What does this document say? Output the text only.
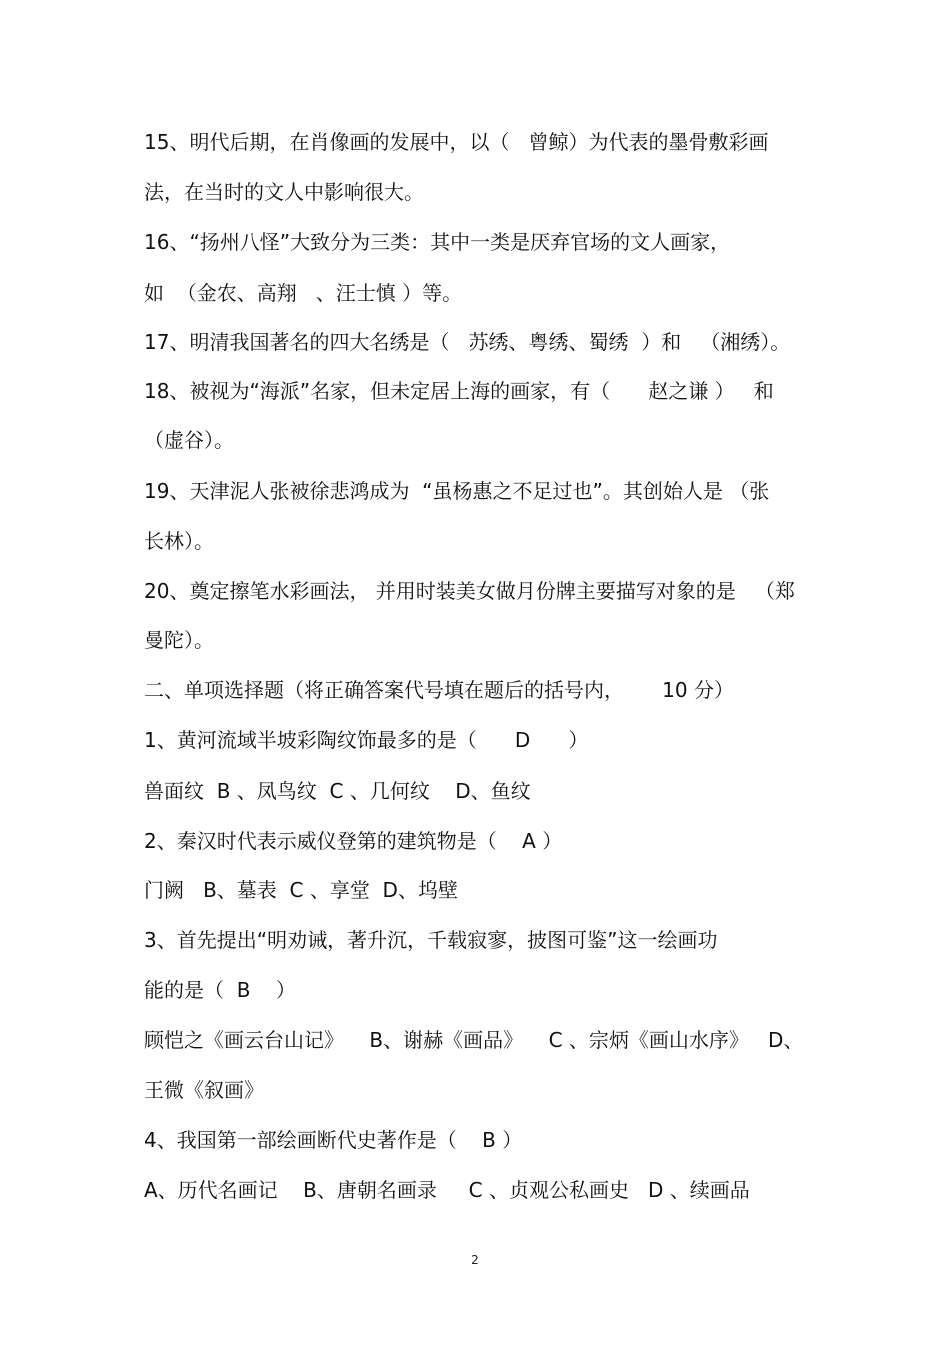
15、明代后期，在肖像画的发展中，以（   曾鲸）为代表的墨骨敷彩画
法，在当时的文人中影响很大。
16、“扬州八怪”大致分为三类：其中一类是厌弃官场的文人画家，
如  （金农、高翔   、汪士慎 ）等。
17、明清我国著名的四大名绣是（   苏绣、粤绣、蜀绣  ）和   （湘绣）。
18、被视为“海派”名家，但未定居上海的画家，有（      赵之谦 ）   和
（虚谷）。
19、天津泥人张被徐悲鸿成为  “虽杨惠之不足过也”。其创始人是 （张
长林）。
20、奠定擦笔水彩画法， 并用时装美女做月份牌主要描写对象的是   （郑
曼陀）。
二、单项选择题（将正确答案代号填在题后的括号内，      10 分）
1、黄河流域半坡彩陶纹饰最多的是（      D      ）
兽面纹  B 、凤鸟纹  C 、几何纹    D、鱼纹
2、秦汉时代表示威仪登第的建筑物是（    A ）
门阙   B、墓表  C 、享堂  D、坞壁
3、首先提出“明劝诫，著升沉，千载寂寥，披图可鉴”这一绘画功
能的是（  B    ）
顾恺之《画云台山记》    B、谢赫《画品》    C 、宗炳《画山水序》   D、
王微《叙画》
4、我国第一部绘画断代史著作是（    B ）
A、历代名画记    B、唐朝名画录     C 、贞观公私画史   D 、续画品
2
